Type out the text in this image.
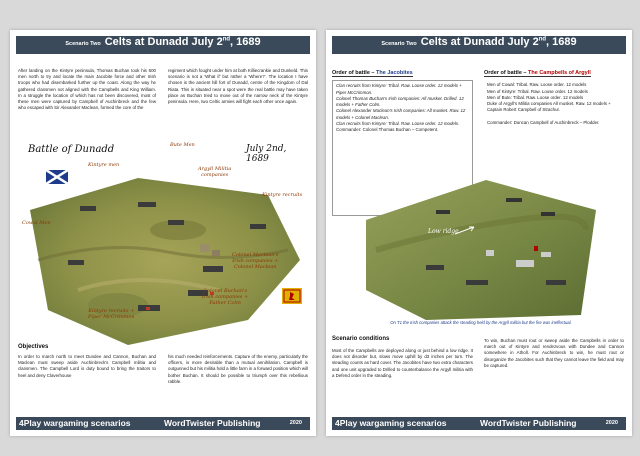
Scenario Two Celts at Dunadd July 2nd, 1689
After landing on the Kintyre peninsula, Thomas Buchan took his 600 men north to try and locate the main Jacobite force and other Irish troops who had disembarked further up the coast. Along the way he gathered clansmen not aligned with the Campbells and King William. In a struggle the location of which has not been discovered, most of these men were captured by Campbell of Auchinbreck and the few who escaped with Sir Alexander Maclean, formed the core of the
regiment which fought under him at both Killiecrankie and Dunkeld. This scenario is not a 'What if' but rather a 'Where?'. The location I have chosen is the ancient hill fort of Dunadd, centre of the Kingdom of Dal Riata. This is situated near a spot were the real battle may have taken place as Buchan tried to move out of the narrow neck of the Kintyre peninsula. Here, two Celtic armies will fight each other once again.
Battle of Dunadd	July 2nd, 1689
Bute Men
Kintyre men
Argyll Militia
companies
Kintyre recruits
Cowal Men
Colonel Maclean's
Irish companies +
Colonel Maclean
Colonel Buchan's
Irish companies +
Father Colm
Kintyre recruits +
Piper McCrimmon
Objectives
In order to march north to meet Dundee and Cannon, Buchan and Maclean must sweep aside Auchinbreck's Campbell militia and clansmen. The Campbell Lord is duty bound to bring the traitors to heel and deny Claverhouse
his much needed reinforcements. Capture of the enemy, particularly the officers, is more desirable than a mutual annihilation. Campbell is outgunned but his militia hold a little farm in a forward position which will bother Buchan. It should be possible to triumph over this rebellious rabble.
4Play wargaming scenarios	WordTwister Publishing	2020
Scenario Two Celts at Dunadd July 2nd, 1689
Order of battle – The Jacobites

Clan recruits from Kintyre: Tribal. Raw. Loose order. 12 models + Piper McCrimmon.

Colonel Thomas Buchan's Irish companies: All musket. Drilled. 12 models + Father Colm.

Colonel Alexander Maclean's Irish companies: All musket. Raw. 12 models + Colonel Maclean.

Clan recruits from Kintyre: Tribal. Raw. Loose order. 12 models.

Commander: Colonel Thomas Buchan – Competent.

Order of battle – The Campbells of Argyll

Men of Cowal: Tribal. Raw. Loose order. 12 models

Men of Kintyre: Tribal. Raw. Loose order. 12 models

Men of Bute: Tribal. Raw. Loose order. 12 models

Duke of Argyll's Militia companies All musket. Raw. 12 models + Captain Robert Campbell of Strachur.

Commander: Duncan Campbell of Auchinbreck – Plodder.

Low ridge
On T1 the Irish companies attack the steading held by the Argyll militia but the fire was ineffectual.
Scenario conditions
Most of the Campbells are deployed along or just behind a low ridge. It does not disorder but, slows move uphill by d3 inches per turn. The steading counts as hard cover. The Jacobites have two extra characters and one unit upgraded to Drilled to counterbalance the Argyll militia with a Defend order in the steading.
To win, Buchan must rout or sweep aside the Campbells in order to march out of Kintyre and rendezvous with Dundee and Cannon somewhere in Atholl. For Auchinbreck to win, he must rout or disorganize the Jacobites such that they cannot leave the field and may be captured.
4Play wargaming scenarios	WordTwister Publishing	2020
